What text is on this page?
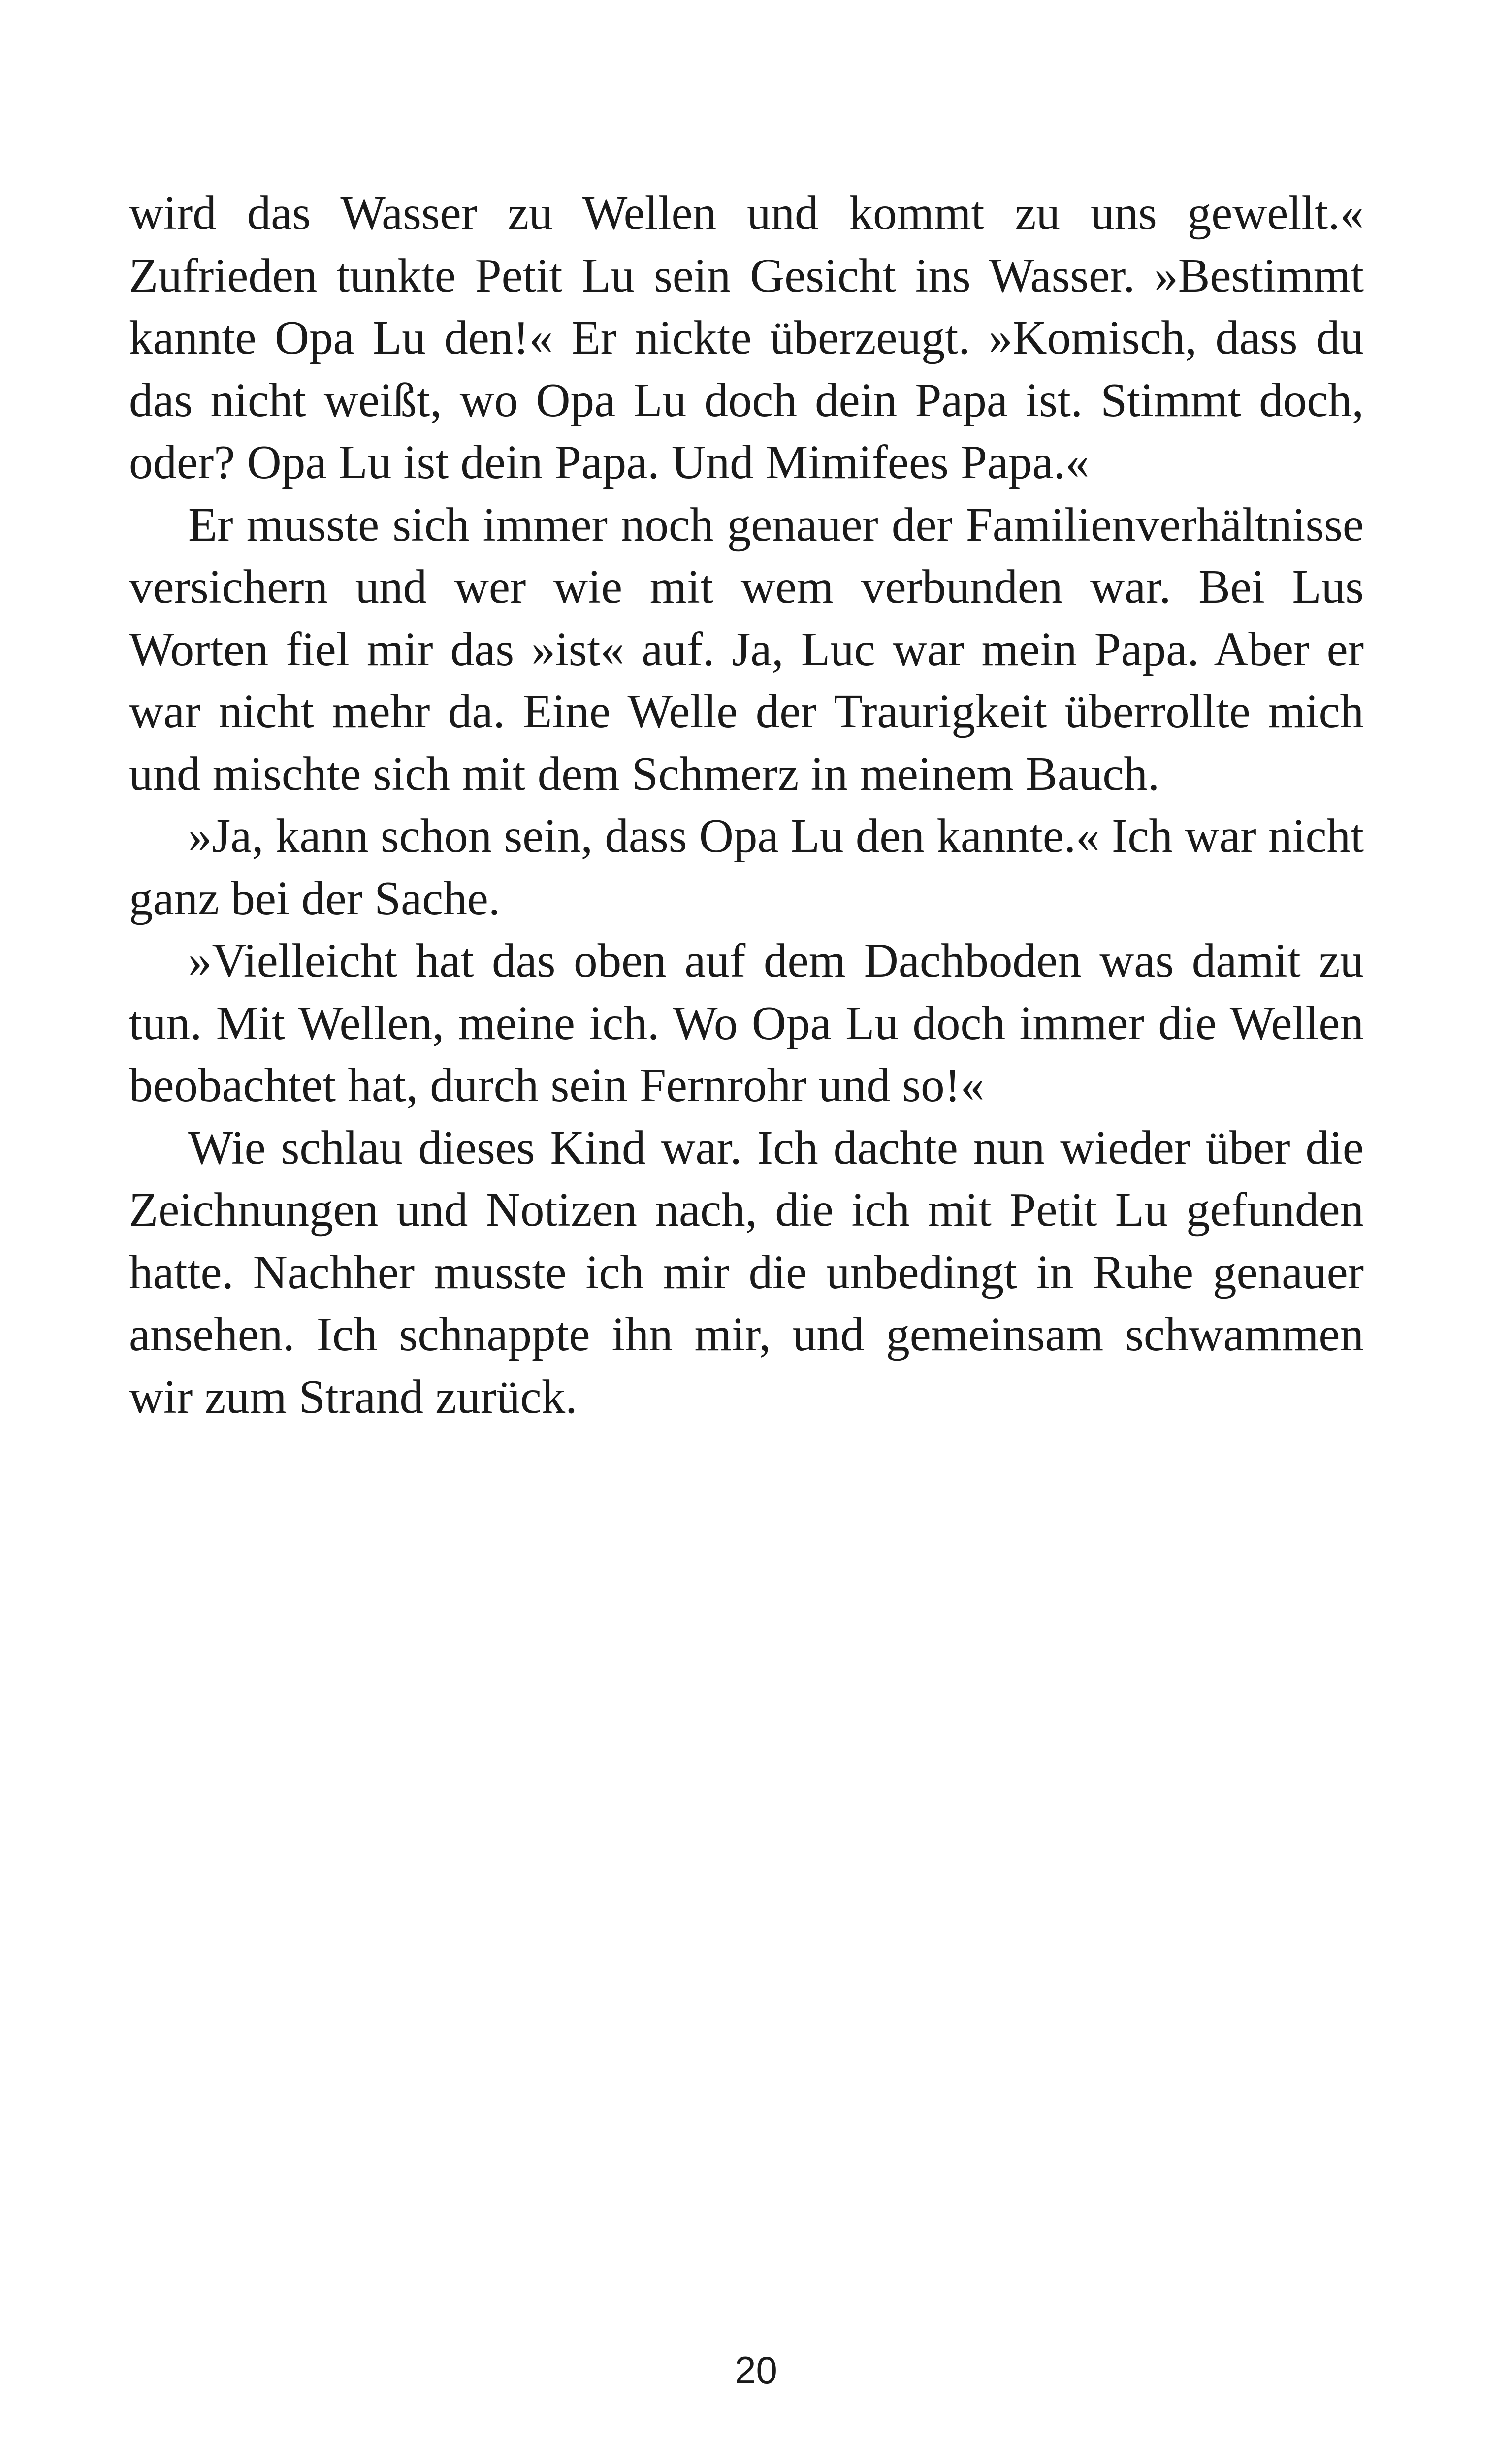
wird das Wasser zu Wellen und kommt zu uns gewellt.« Zufrieden tunkte Petit Lu sein Gesicht ins Wasser. »Bestimmt kannte Opa Lu den!« Er nickte überzeugt. »Komisch, dass du das nicht weißt, wo Opa Lu doch dein Papa ist. Stimmt doch, oder? Opa Lu ist dein Papa. Und Mimifees Papa.«

Er musste sich immer noch genauer der Familienverhältnisse versichern und wer wie mit wem verbunden war. Bei Lus Worten fiel mir das »ist« auf. Ja, Luc war mein Papa. Aber er war nicht mehr da. Eine Welle der Traurigkeit überrollte mich und mischte sich mit dem Schmerz in meinem Bauch.

»Ja, kann schon sein, dass Opa Lu den kannte.« Ich war nicht ganz bei der Sache.

»Vielleicht hat das oben auf dem Dachboden was damit zu tun. Mit Wellen, meine ich. Wo Opa Lu doch immer die Wellen beobachtet hat, durch sein Fernrohr und so!«

Wie schlau dieses Kind war. Ich dachte nun wieder über die Zeichnungen und Notizen nach, die ich mit Petit Lu gefunden hatte. Nachher musste ich mir die unbedingt in Ruhe genauer ansehen. Ich schnappte ihn mir, und gemeinsam schwammen wir zum Strand zurück.

20
